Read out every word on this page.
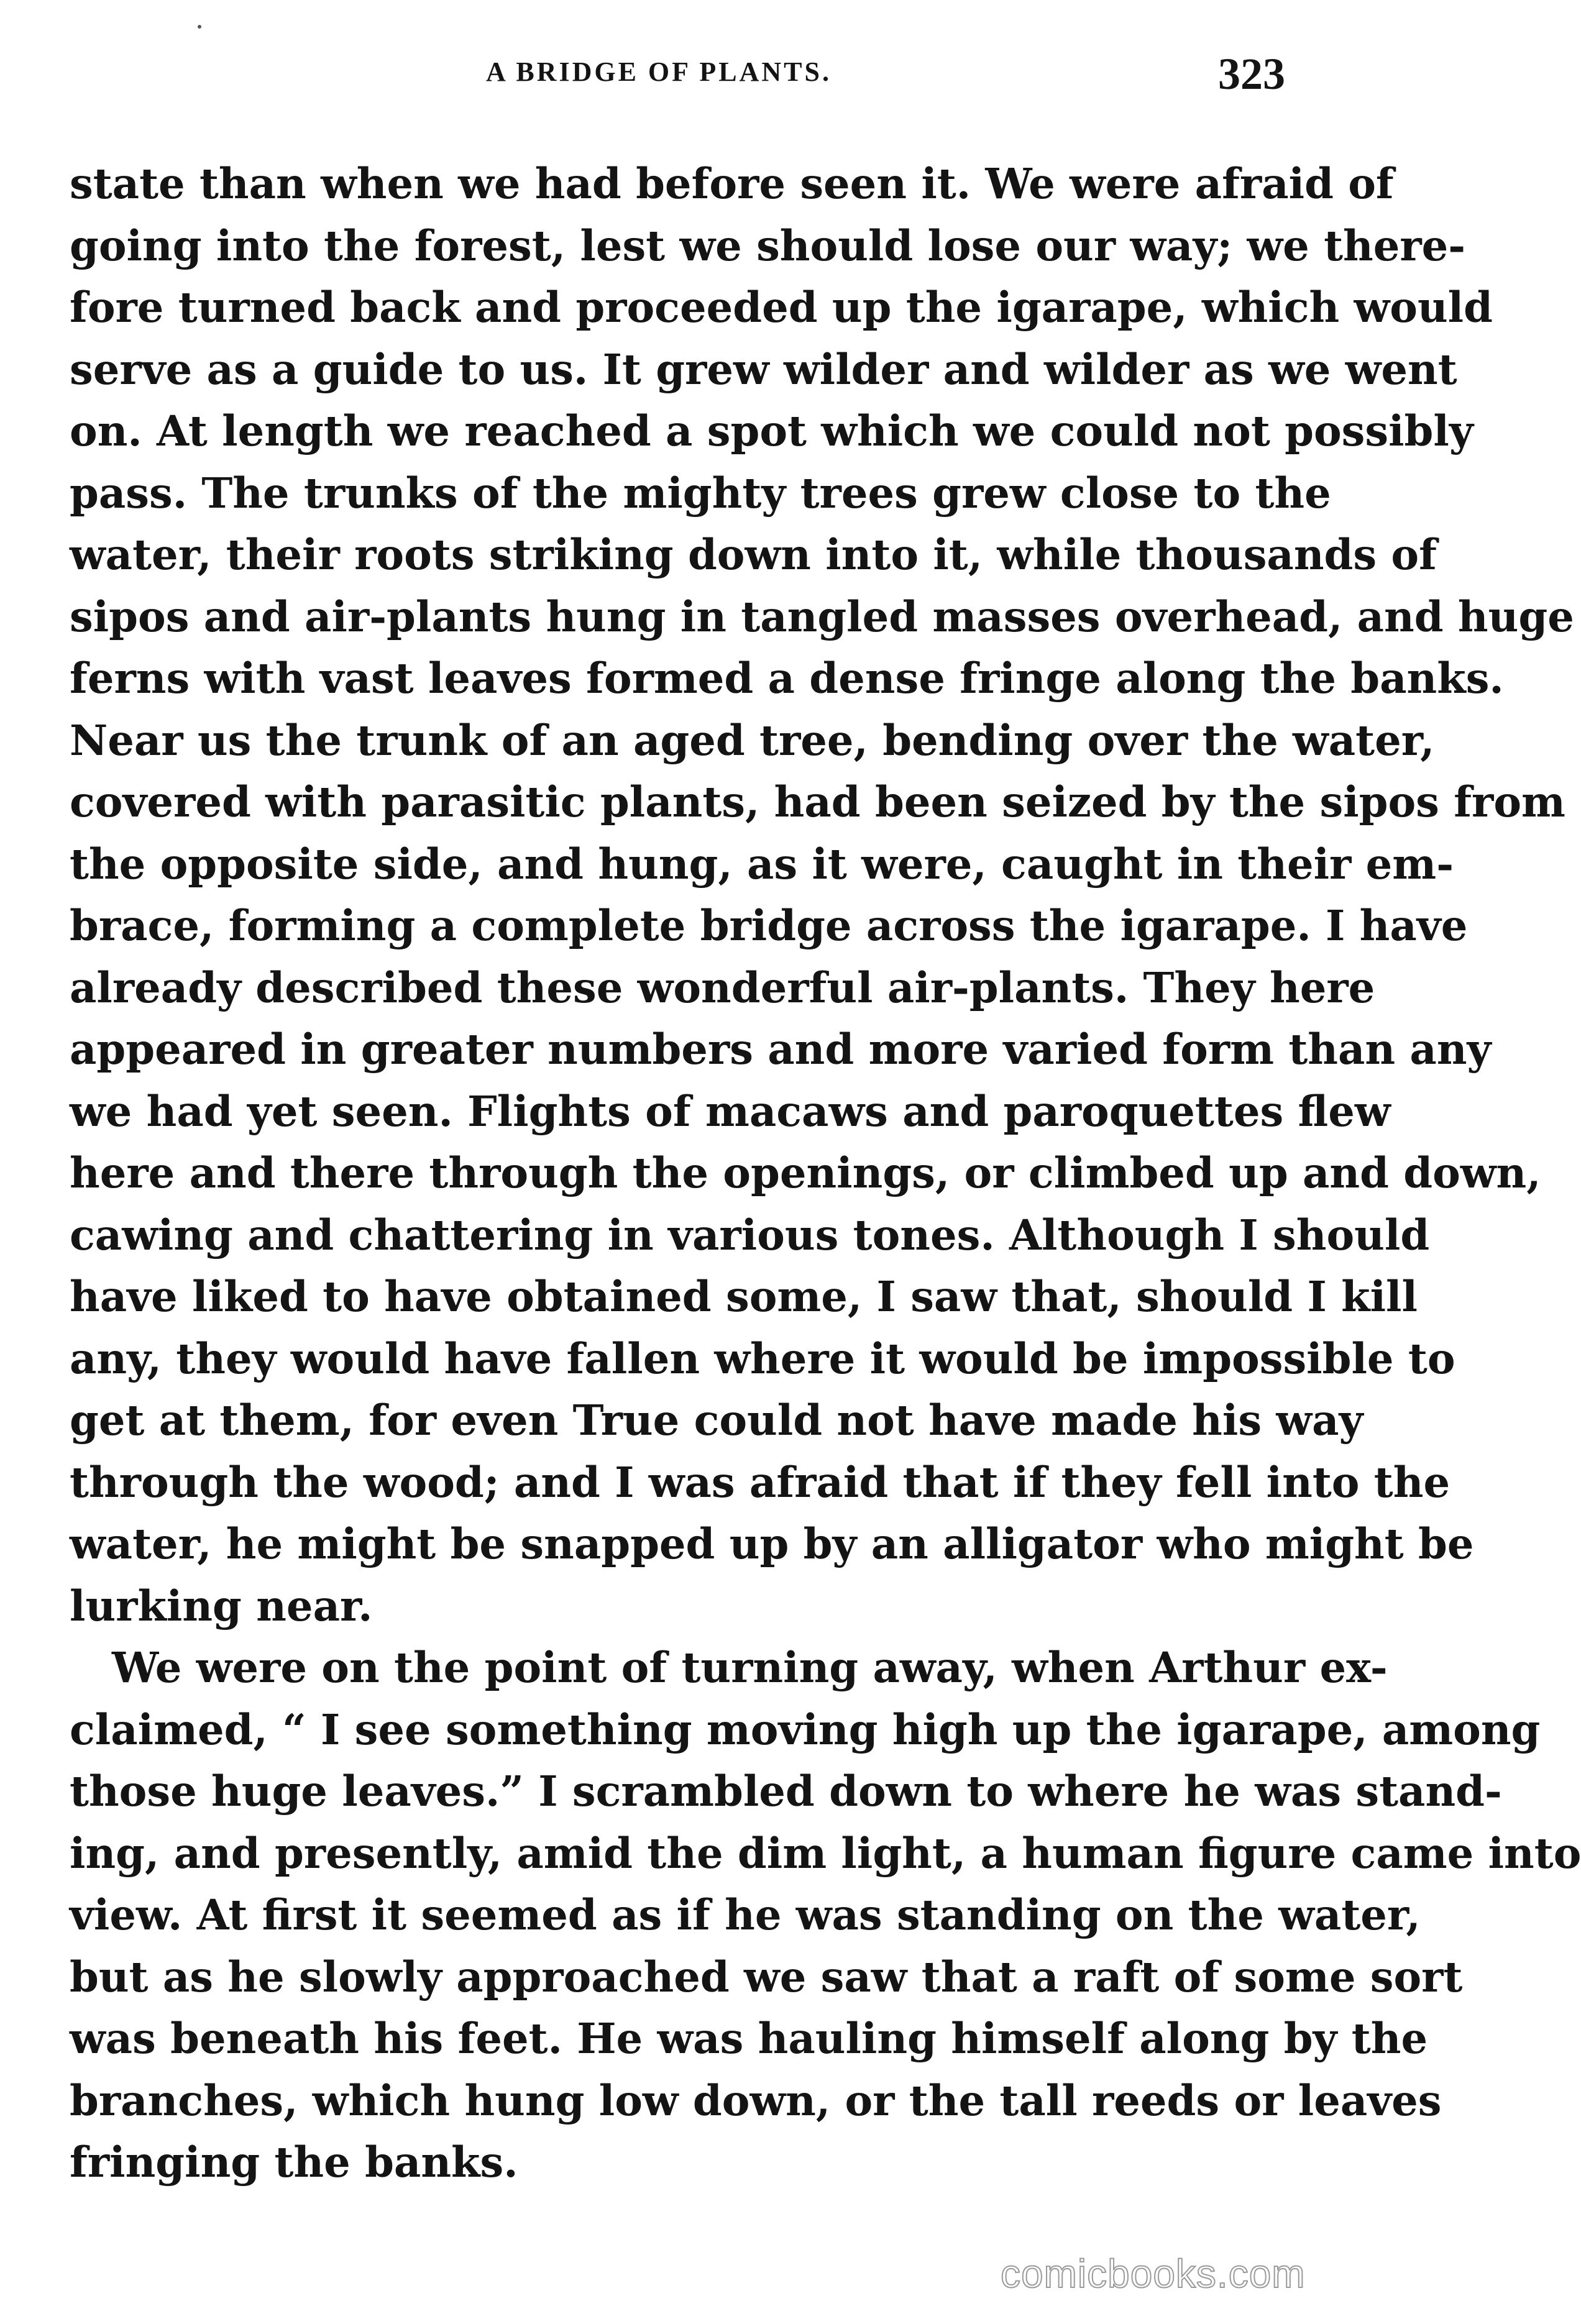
A BRIDGE OF PLANTS.	323
state than when we had before seen it. We were afraid of
going into the forest, lest we should lose our way; we there-
fore turned back and proceeded up the igarape, which would
serve as a guide to us. It grew wilder and wilder as we went
on. At length we reached a spot which we could not possibly
pass. The trunks of the mighty trees grew close to the
water, their roots striking down into it, while thousands of
sipos and air-plants hung in tangled masses overhead, and huge
ferns with vast leaves formed a dense fringe along the banks.
Near us the trunk of an aged tree, bending over the water,
covered with parasitic plants, had been seized by the sipos from
the opposite side, and hung, as it were, caught in their em-
brace, forming a complete bridge across the igarape. I have
already described these wonderful air-plants. They here
appeared in greater numbers and more varied form than any
we had yet seen. Flights of macaws and paroquettes flew
here and there through the openings, or climbed up and down,
cawing and chattering in various tones. Although I should
have liked to have obtained some, I saw that, should I kill
any, they would have fallen where it would be impossible to
get at them, for even True could not have made his way
through the wood; and I was afraid that if they fell into the
water, he might be snapped up by an alligator who might be
lurking near.
We were on the point of turning away, when Arthur ex-
claimed, “ I see something moving high up the igarape, among
those huge leaves.” I scrambled down to where he was stand-
ing, and presently, amid the dim light, a human figure came into
view. At first it seemed as if he was standing on the water,
but as he slowly approached we saw that a raft of some sort
was beneath his feet. He was hauling himself along by the
branches, which hung low down, or the tall reeds or leaves
fringing the banks.
comicbooks.com
